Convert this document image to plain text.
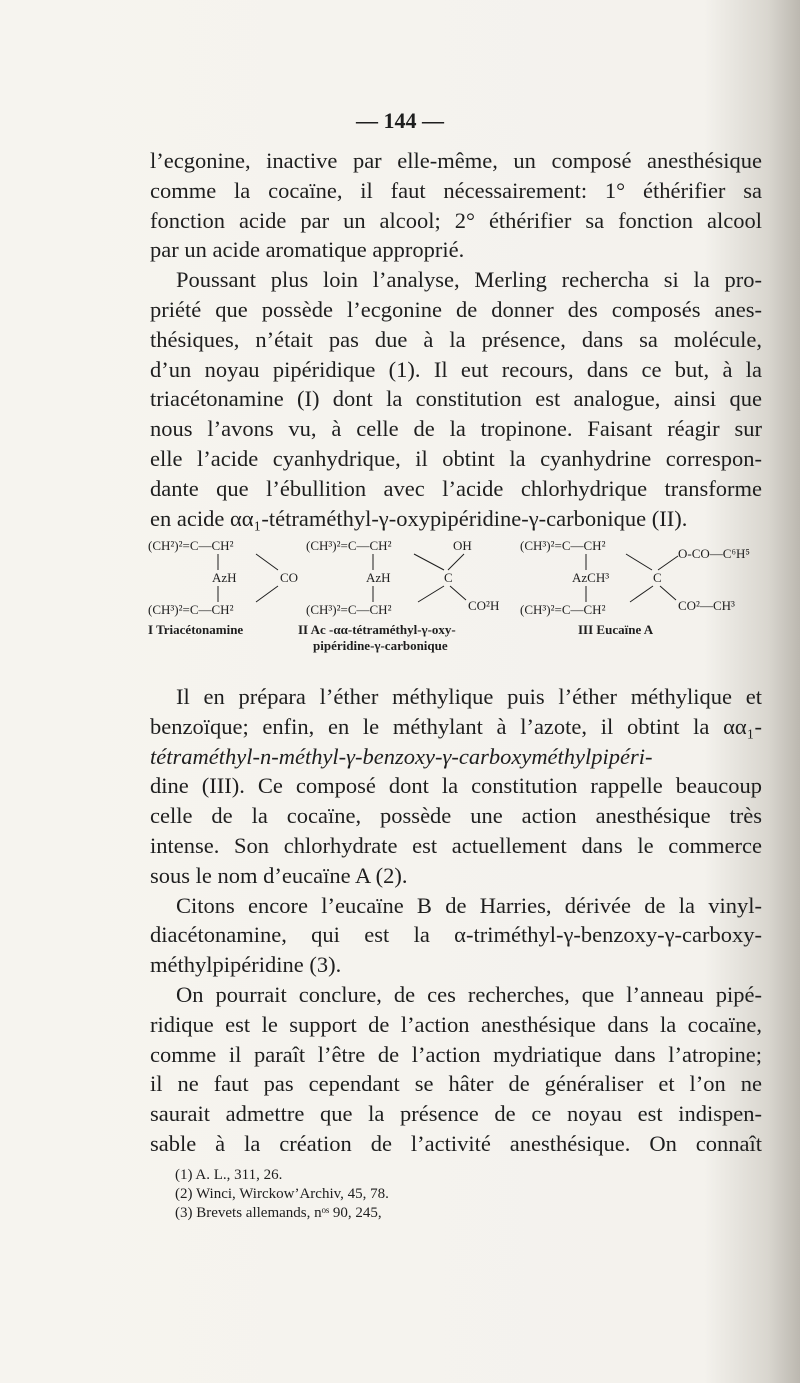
— 144 —
l’ecgonine, inactive par elle-même, un composé anesthésique
comme la cocaïne, il faut nécessairement: 1° éthérifier sa
fonction acide par un alcool; 2° éthérifier sa fonction alcool
par un acide aromatique approprié.
Poussant plus loin l’analyse, Merling rechercha si la pro-
priété que possède l’ecgonine de donner des composés anes-
thésiques, n’était pas due à la présence, dans sa molécule,
d’un noyau pipéridique (1). Il eut recours, dans ce but, à la
triacétonamine (I) dont la constitution est analogue, ainsi que
nous l’avons vu, à celle de la tropinone. Faisant réagir sur
elle l’acide cyanhydrique, il obtint la cyanhydrine correspon-
dante que l’ébullition avec l’acide chlorhydrique transforme
en acide αα₁-tétraméthyl-γ-oxypipéridine-γ-carbonique (II).
(CH²)²=C—CH²
AzH	CO
(CH³)²=C—CH²
(CH³)²=C—CH²	OH
AzH	C
(CH³)²=C—CH²	CO²H
(CH³)²=C—CH²
O-CO—C⁶H⁵
AzCH³	C
(CH³)²=C—CH²	CO²—CH³
I Triacétonamine	II Ac -αα-tétraméthyl-γ-oxy-
pipéridine-γ-carbonique
III Eucaïne A
Il en prépara l’éther méthylique puis l’éther méthylique et
benzoïque; enfin, en le méthylant à l’azote, il obtint la αα₁-
tétraméthyl-n-méthyl-γ-benzoxy-γ-carboxyméthylpipéri-
dine (III). Ce composé dont la constitution rappelle beaucoup
celle de la cocaïne, possède une action anesthésique très
intense. Son chlorhydrate est actuellement dans le commerce
sous le nom d’eucaïne A (2).
Citons encore l’eucaïne B de Harries, dérivée de la vinyl-
diacétonamine, qui est la α-triméthyl-γ-benzoxy-γ-carboxy-
méthylpipéridine (3).
On pourrait conclure, de ces recherches, que l’anneau pipé-
ridique est le support de l’action anesthésique dans la cocaïne,
comme il paraît l’être de l’action mydriatique dans l’atropine;
il ne faut pas cependant se hâter de généraliser et l’on ne
saurait admettre que la présence de ce noyau est indispen-
sable à la création de l’activité anesthésique. On connaît
(1) A. L., 311, 26.
(2) Winci, Wirckow’Archiv, 45, 78.
(3) Brevets allemands, nᵒˢ 90, 245,
